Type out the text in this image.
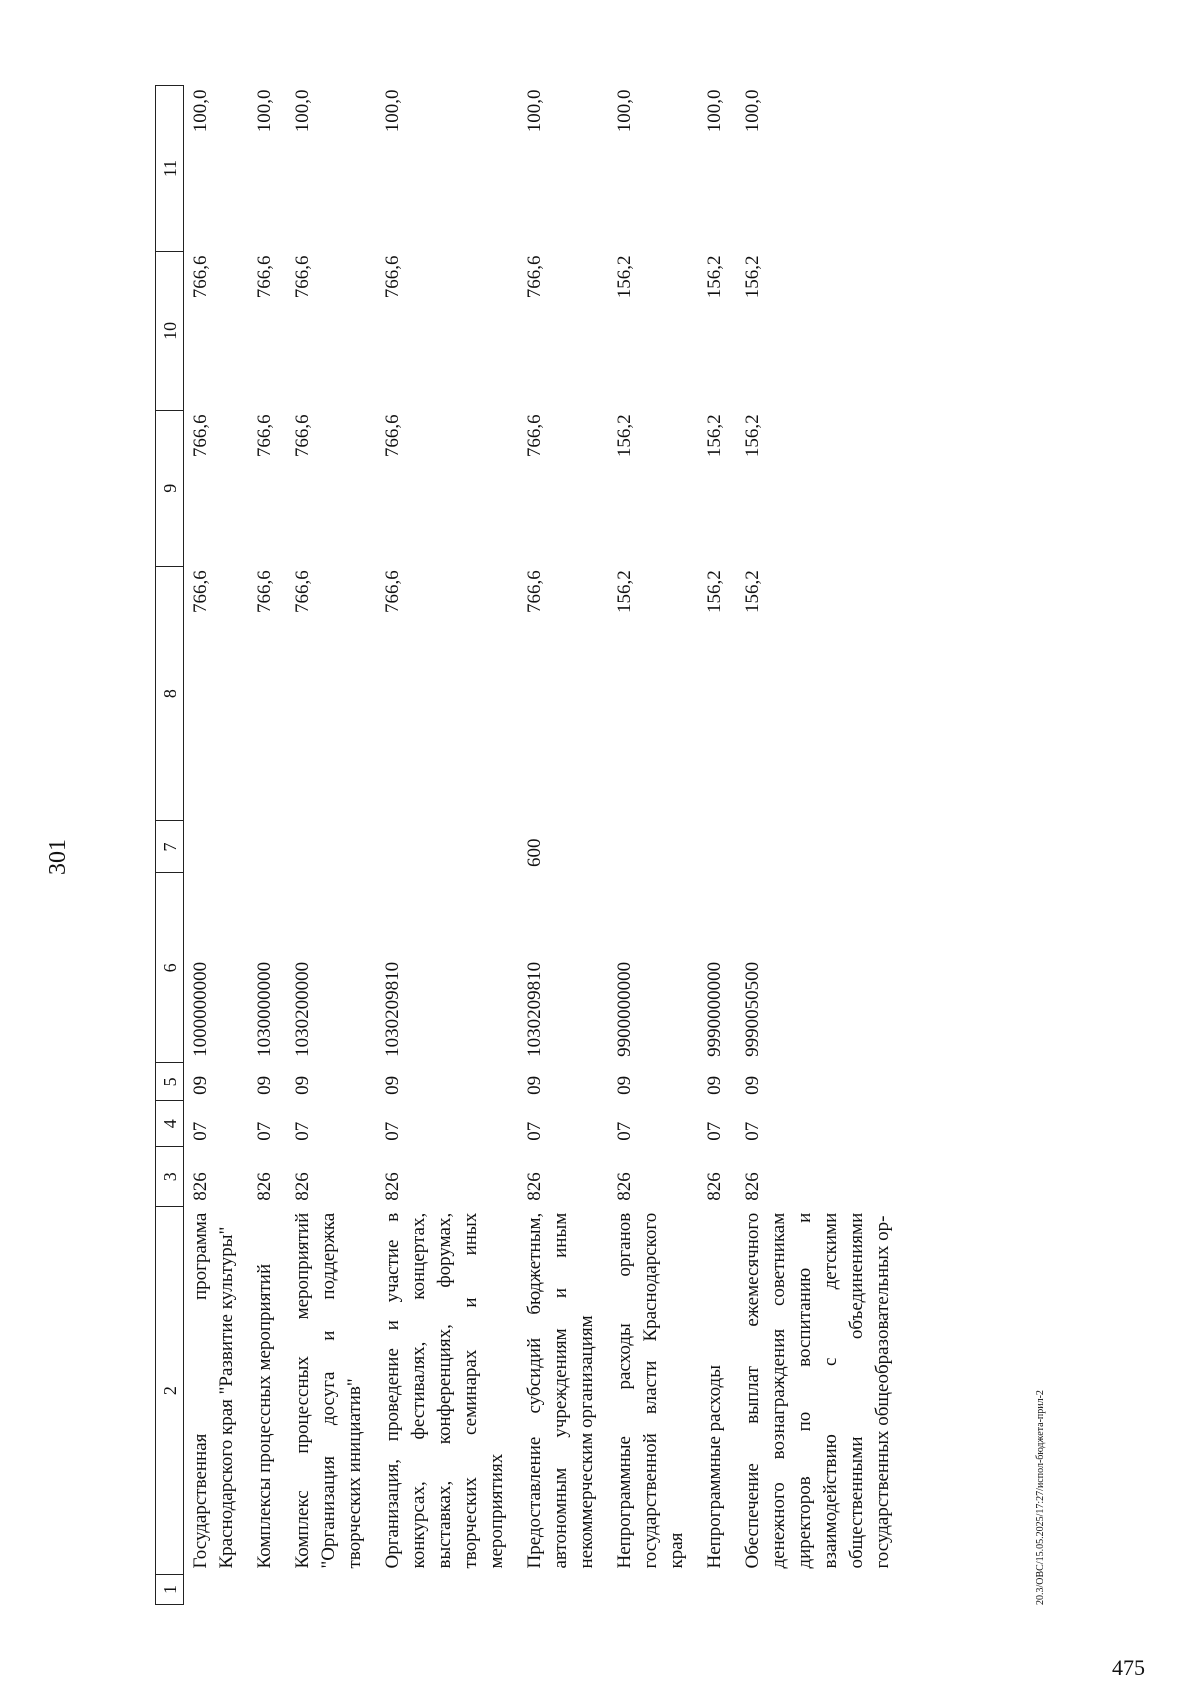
301
1	2	3	4	5	6	7	8	9	10	11
	Государственная программа Краснодарского края "Развитие культуры"	826	07	09	1000000000		766,6	766,6	766,6	100,0
	Комплексы процессных мероприятий	826	07	09	1030000000		766,6	766,6	766,6	100,0
	Комплекс процессных мероприятий "Организация досуга и поддержка творческих инициатив"	826	07	09	1030200000		766,6	766,6	766,6	100,0
	Организация, проведение и участие в конкурсах, фестивалях, концертах, выставках, конференциях, форумах, творческих семинарах и иных мероприятиях	826	07	09	1030209810		766,6	766,6	766,6	100,0
	Предоставление субсидий бюджетным, автономным учреждениям и иным некоммерческим организациям	826	07	09	1030209810	600	766,6	766,6	766,6	100,0
	Непрограммные расходы органов государственной власти Краснодарского края	826	07	09	9900000000		156,2	156,2	156,2	100,0
	Непрограммные расходы	826	07	09	9990000000		156,2	156,2	156,2	100,0
	Обеспечение выплат ежемесячного денежного вознаграждения советникам директоров по воспитанию и взаимодействию с детскими общественными объединениями государственных общеобразовательных ор-	826	07	09	9990050500		156,2	156,2	156,2	100,0
20.3/ОВС/15.05.2025/17:27/испол-бюджета-прил-2
475
